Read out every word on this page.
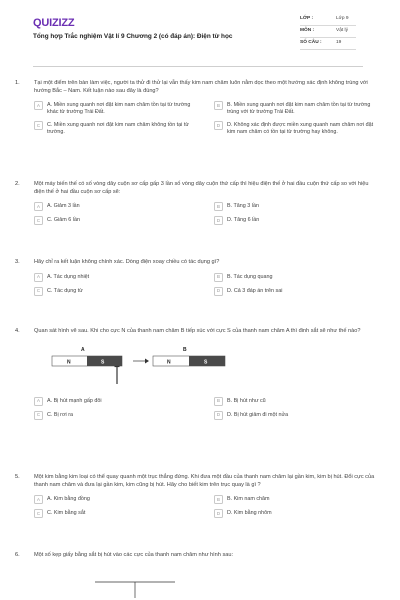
QUIZIZZ
Tổng hợp Trắc nghiệm Vật lí 9 Chương 2 (có đáp án): Điện từ học
LỚP :	Lớp 9
MÔN :	Vật lý
SỐ CÂU :	19
1.	Tại một điểm trên bàn làm việc, người ta thử đi thử lại vẫn thấy kim nam châm luôn nằm dọc theo một hướng xác định không trùng với hướng Bắc – Nam. Kết luận nào sau đây là đúng?
A	A. Miền xung quanh nơi đặt kim nam châm tồn tại từ trường khác từ trường Trái Đất.
B	B. Miền xung quanh nơi đặt kim nam châm tồn tại từ trường trùng với từ trường Trái Đất.
C	C. Miền xung quanh nơi đặt kim nam châm không tồn tại từ trường.
D	D. Không xác định được miền xung quanh nam châm nơi đặt kim nam châm có tồn tại từ trường hay không.
2.	Một máy biến thế có số vòng dây cuộn sơ cấp gấp 3 lần số vòng dây cuộn thứ cấp thì hiệu điện thế ở hai đầu cuộn thứ cấp so với hiệu điện thế ở hai đầu cuộn sơ cấp sẽ:
A	A. Giảm 3 lần	B	B. Tăng 3 lần
C	C. Giảm 6 lần	D	D. Tăng 6 lần
3.	Hãy chỉ ra kết luận không chính xác. Dòng điện xoay chiều có tác dụng gì?
A	A. Tác dụng nhiệt	B	B. Tác dụng quang
C	C. Tác dụng từ	D	D. Cả 3 đáp án trên sai
4.	Quan sát hình vẽ sau. Khi cho cực N của thanh nam châm B tiếp xúc với cực S của thanh nam châm A thì đinh sắt sẽ như thế nào?
A
N	S
B
N	S
A	A. Bị hút mạnh gấp đôi	B	B. Bị hút như cũ
C	C. Bị rơi ra	D	D. Bị hút giảm đi một nửa
5.	Một kim bằng kim loại có thể quay quanh một trục thẳng đứng. Khi đưa một đầu của thanh nam châm lại gần kim, kim bị hút. Đổi cực của thanh nam châm và đưa lại gần kim, kim cũng bị hút. Hãy cho biết kim trên trục quay là gì ?
A	A. Kim bằng đồng	B	B. Kim nam châm
C	C. Kim bằng sắt	D	D. Kim bằng nhôm
6.	Một số kẹp giấy bằng sắt bị hút vào các cực của thanh nam châm như hình sau:
